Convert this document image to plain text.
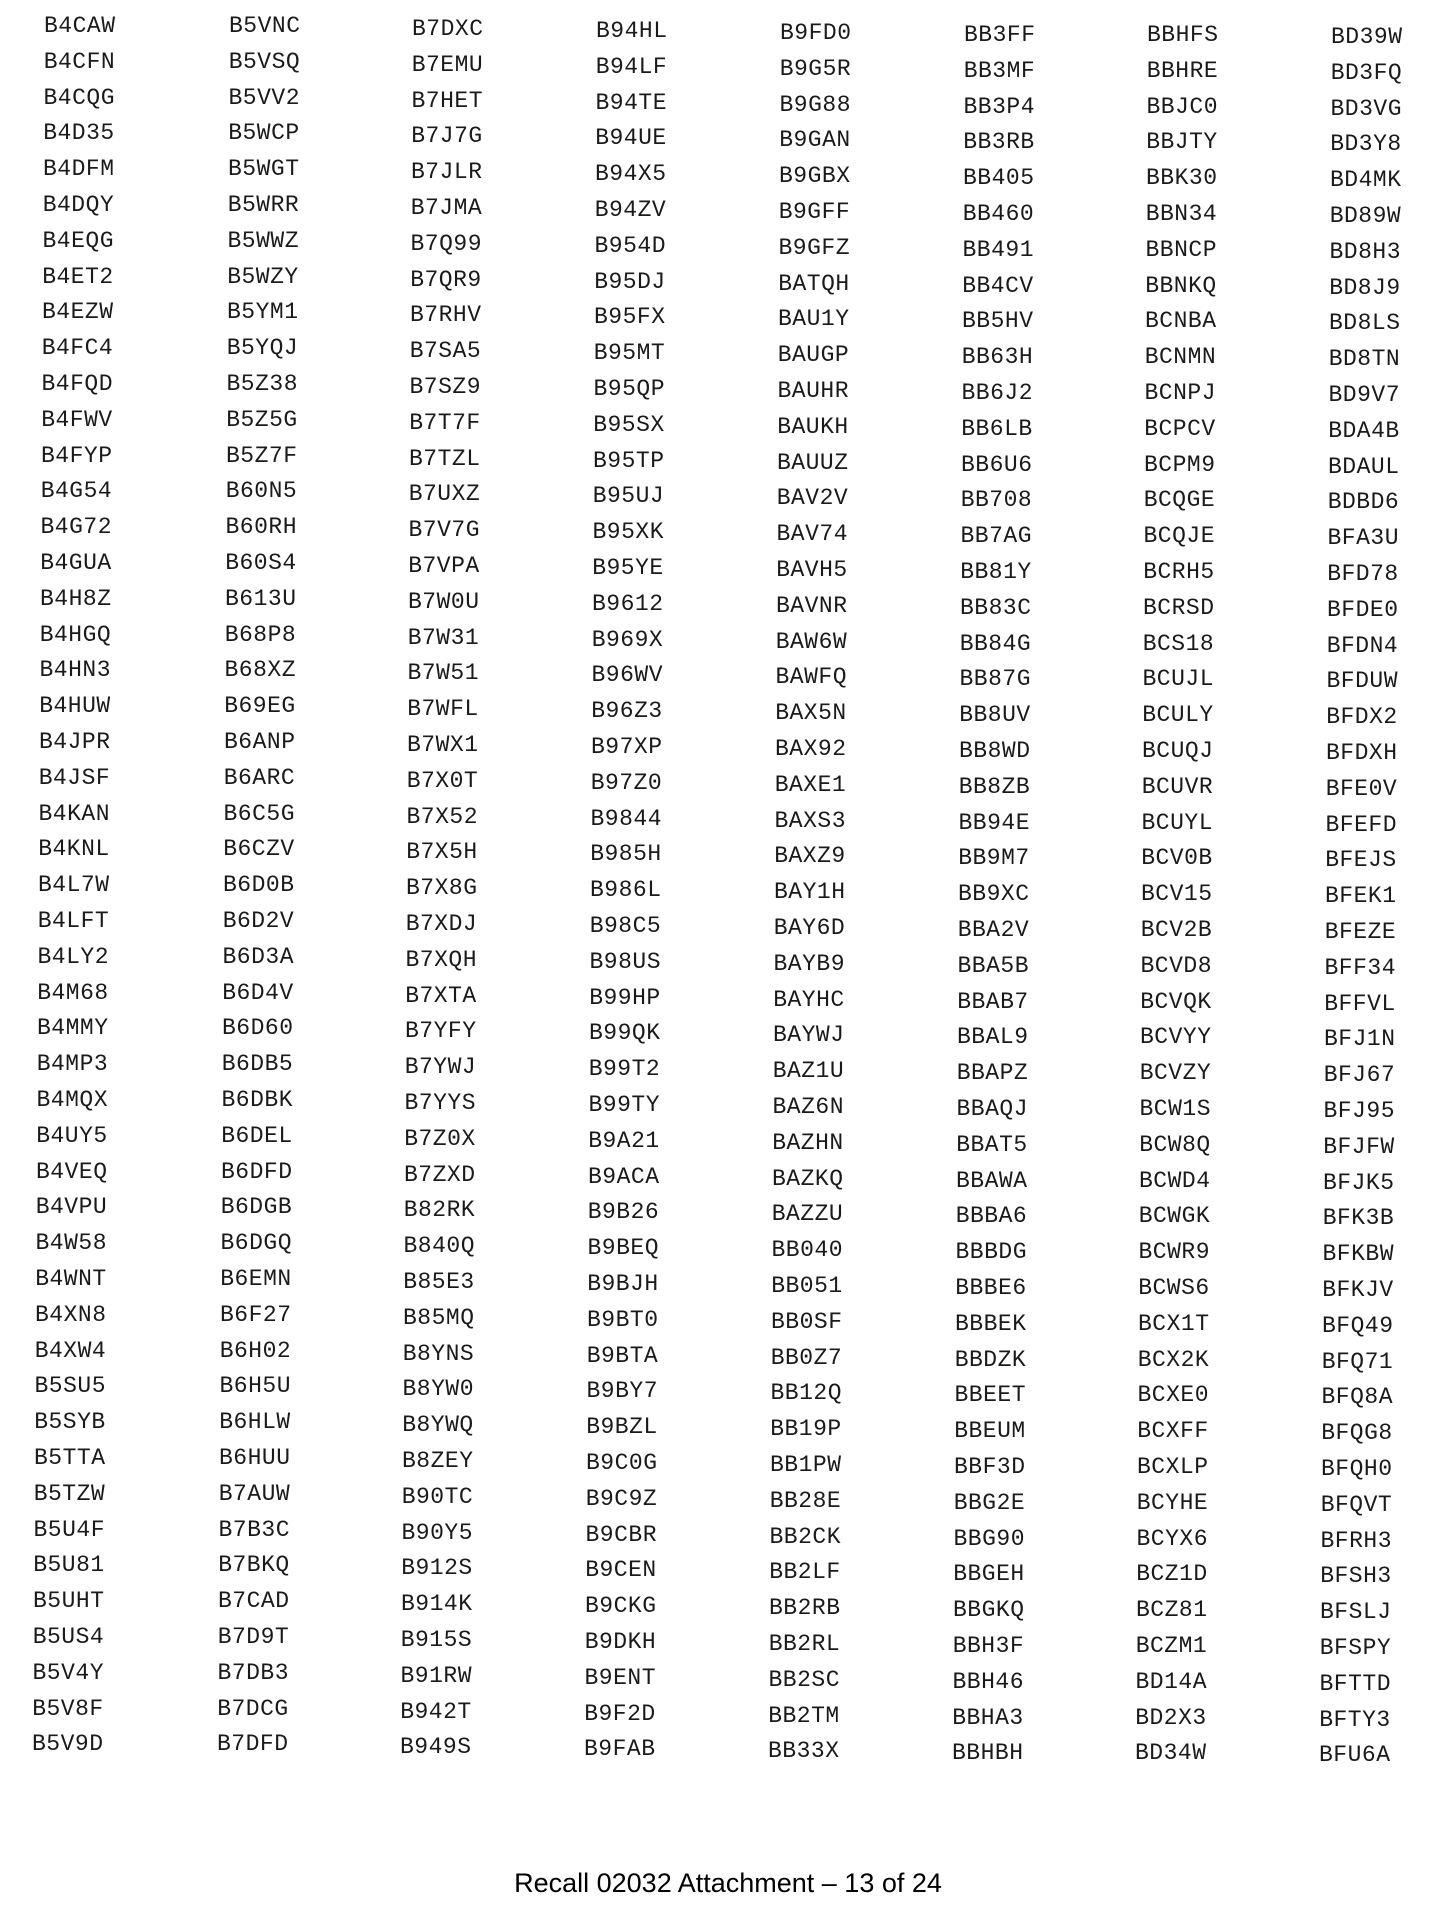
B4CAW
B4CFN
B4CQG
B4D35
B4DFM
B4DQY
B4EQG
B4ET2
B4EZW
B4FC4
B4FQD
B4FWV
B4FYP
B4G54
B4G72
B4GUA
B4H8Z
B4HGQ
B4HN3
B4HUW
B4JPR
B4JSF
B4KAN
B4KNL
B4L7W
B4LFT
B4LY2
B4M68
B4MMY
B4MP3
B4MQX
B4UY5
B4VEQ
B4VPU
B4W58
B4WNT
B4XN8
B4XW4
B5SU5
B5SYB
B5TTA
B5TZW
B5U4F
B5U81
B5UHT
B5US4
B5V4Y
B5V8F
B5V9D
B5VNC
B5VSQ
B5VV2
B5WCP
B5WGT
B5WRR
B5WWZ
B5WZY
B5YM1
B5YQJ
B5Z38
B5Z5G
B5Z7F
B60N5
B60RH
B60S4
B613U
B68P8
B68XZ
B69EG
B6ANP
B6ARC
B6C5G
B6CZV
B6D0B
B6D2V
B6D3A
B6D4V
B6D60
B6DB5
B6DBK
B6DEL
B6DFD
B6DGB
B6DGQ
B6EMN
B6F27
B6H02
B6H5U
B6HLW
B6HUU
B7AUW
B7B3C
B7BKQ
B7CAD
B7D9T
B7DB3
B7DCG
B7DFD
B7DXC
B7EMU
B7HET
B7J7G
B7JLR
B7JMA
B7Q99
B7QR9
B7RHV
B7SA5
B7SZ9
B7T7F
B7TZL
B7UXZ
B7V7G
B7VPA
B7W0U
B7W31
B7W51
B7WFL
B7WX1
B7X0T
B7X52
B7X5H
B7X8G
B7XDJ
B7XQH
B7XTA
B7YFY
B7YWJ
B7YYS
B7Z0X
B7ZXD
B82RK
B840Q
B85E3
B85MQ
B8YNS
B8YW0
B8YWQ
B8ZEY
B90TC
B90Y5
B912S
B914K
B915S
B91RW
B942T
B949S
B94HL
B94LF
B94TE
B94UE
B94X5
B94ZV
B954D
B95DJ
B95FX
B95MT
B95QP
B95SX
B95TP
B95UJ
B95XK
B95YE
B9612
B969X
B96WV
B96Z3
B97XP
B97Z0
B9844
B985H
B986L
B98C5
B98US
B99HP
B99QK
B99T2
B99TY
B9A21
B9ACA
B9B26
B9BEQ
B9BJH
B9BT0
B9BTA
B9BY7
B9BZL
B9C0G
B9C9Z
B9CBR
B9CEN
B9CKG
B9DKH
B9ENT
B9F2D
B9FAB
B9FD0
B9G5R
B9G88
B9GAN
B9GBX
B9GFF
B9GFZ
BATQH
BAU1Y
BAUGP
BAUHR
BAUKH
BAUUZ
BAV2V
BAV74
BAVH5
BAVNR
BAW6W
BAWFQ
BAX5N
BAX92
BAXE1
BAXS3
BAXZ9
BAY1H
BAY6D
BAYB9
BAYHC
BAYWJ
BAZ1U
BAZ6N
BAZHN
BAZKQ
BAZZU
BB040
BB051
BB0SF
BB0Z7
BB12Q
BB19P
BB1PW
BB28E
BB2CK
BB2LF
BB2RB
BB2RL
BB2SC
BB2TM
BB33X
BB3FF
BB3MF
BB3P4
BB3RB
BB405
BB460
BB491
BB4CV
BB5HV
BB63H
BB6J2
BB6LB
BB6U6
BB708
BB7AG
BB81Y
BB83C
BB84G
BB87G
BB8UV
BB8WD
BB8ZB
BB94E
BB9M7
BB9XC
BBA2V
BBA5B
BBAB7
BBAL9
BBAPZ
BBAQJ
BBAT5
BBAWA
BBBA6
BBBDG
BBBE6
BBBEK
BBDZK
BBEET
BBEUM
BBF3D
BBG2E
BBG90
BBGEH
BBGKQ
BBH3F
BBH46
BBHA3
BBHBH
BBHFS
BBHRE
BBJC0
BBJTY
BBK30
BBN34
BBNCP
BBNKQ
BCNBA
BCNMN
BCNPJ
BCPCV
BCPM9
BCQGE
BCQJE
BCRH5
BCRSD
BCS18
BCUJL
BCULY
BCUQJ
BCUVR
BCUYL
BCV0B
BCV15
BCV2B
BCVD8
BCVQK
BCVYY
BCVZY
BCW1S
BCW8Q
BCWD4
BCWGK
BCWR9
BCWS6
BCX1T
BCX2K
BCXE0
BCXFF
BCXLP
BCYHE
BCYX6
BCZ1D
BCZ81
BCZM1
BD14A
BD2X3
BD34W
BD39W
BD3FQ
BD3VG
BD3Y8
BD4MK
BD89W
BD8H3
BD8J9
BD8LS
BD8TN
BD9V7
BDA4B
BDAUL
BDBD6
BFA3U
BFD78
BFDE0
BFDN4
BFDUW
BFDX2
BFDXH
BFE0V
BFEFD
BFEJS
BFEK1
BFEZE
BFF34
BFFVL
BFJ1N
BFJ67
BFJ95
BFJFW
BFJK5
BFK3B
BFKBW
BFKJV
BFQ49
BFQ71
BFQ8A
BFQG8
BFQH0
BFQVT
BFRH3
BFSH3
BFSLJ
BFSPY
BFTTD
BFTY3
BFU6A
Recall 02032 Attachment – 13 of 24
